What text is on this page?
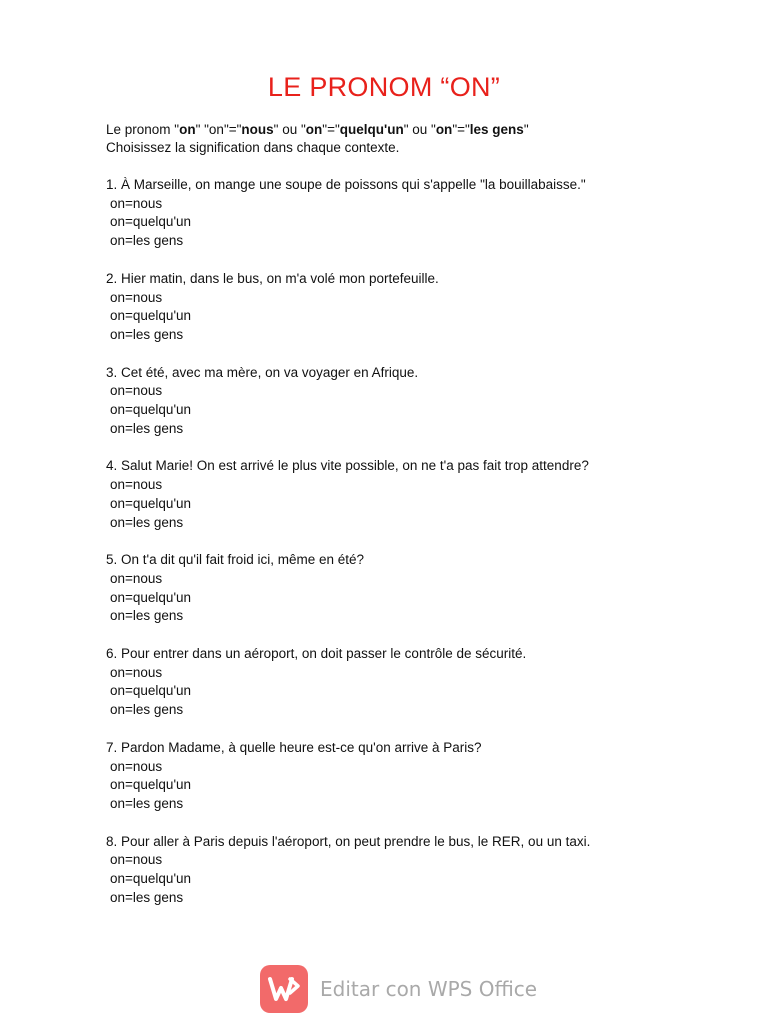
LE PRONOM “ON”
Le pronom "on" "on"="nous" ou "on"="quelqu'un" ou "on"="les gens"
Choisissez la signification dans chaque contexte.
1. À Marseille, on mange une soupe de poissons qui s'appelle "la bouillabaisse."
on=nous
on=quelqu'un
on=les gens
2. Hier matin, dans le bus, on m'a volé mon portefeuille.
on=nous
on=quelqu'un
on=les gens
3. Cet été, avec ma mère, on va voyager en Afrique.
on=nous
on=quelqu'un
on=les gens
4. Salut Marie! On est arrivé le plus vite possible, on ne t'a pas fait trop attendre?
on=nous
on=quelqu'un
on=les gens
5. On t'a dit qu'il fait froid ici, même en été?
on=nous
on=quelqu'un
on=les gens
6. Pour entrer dans un aéroport, on doit passer le contrôle de sécurité.
on=nous
on=quelqu'un
on=les gens
7. Pardon Madame, à quelle heure est-ce qu'on arrive à Paris?
on=nous
on=quelqu'un
on=les gens
8. Pour aller à Paris depuis l'aéroport, on peut prendre le bus, le RER, ou un taxi.
on=nous
on=quelqu'un
on=les gens
Editar con WPS Office
